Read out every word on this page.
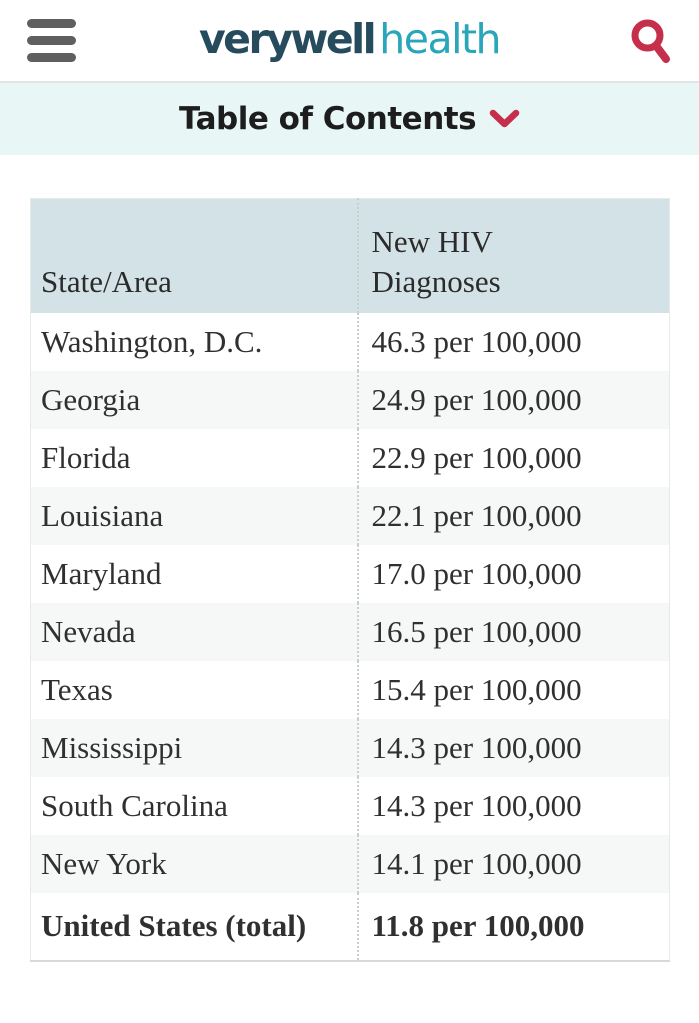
verywell health
Table of Contents
State/Area	New HIV Diagnoses
Washington, D.C.	46.3 per 100,000
Georgia	24.9 per 100,000
Florida	22.9 per 100,000
Louisiana	22.1 per 100,000
Maryland	17.0 per 100,000
Nevada	16.5 per 100,000
Texas	15.4 per 100,000
Mississippi	14.3 per 100,000
South Carolina	14.3 per 100,000
New York	14.1 per 100,000
United States (total)	11.8 per 100,000
